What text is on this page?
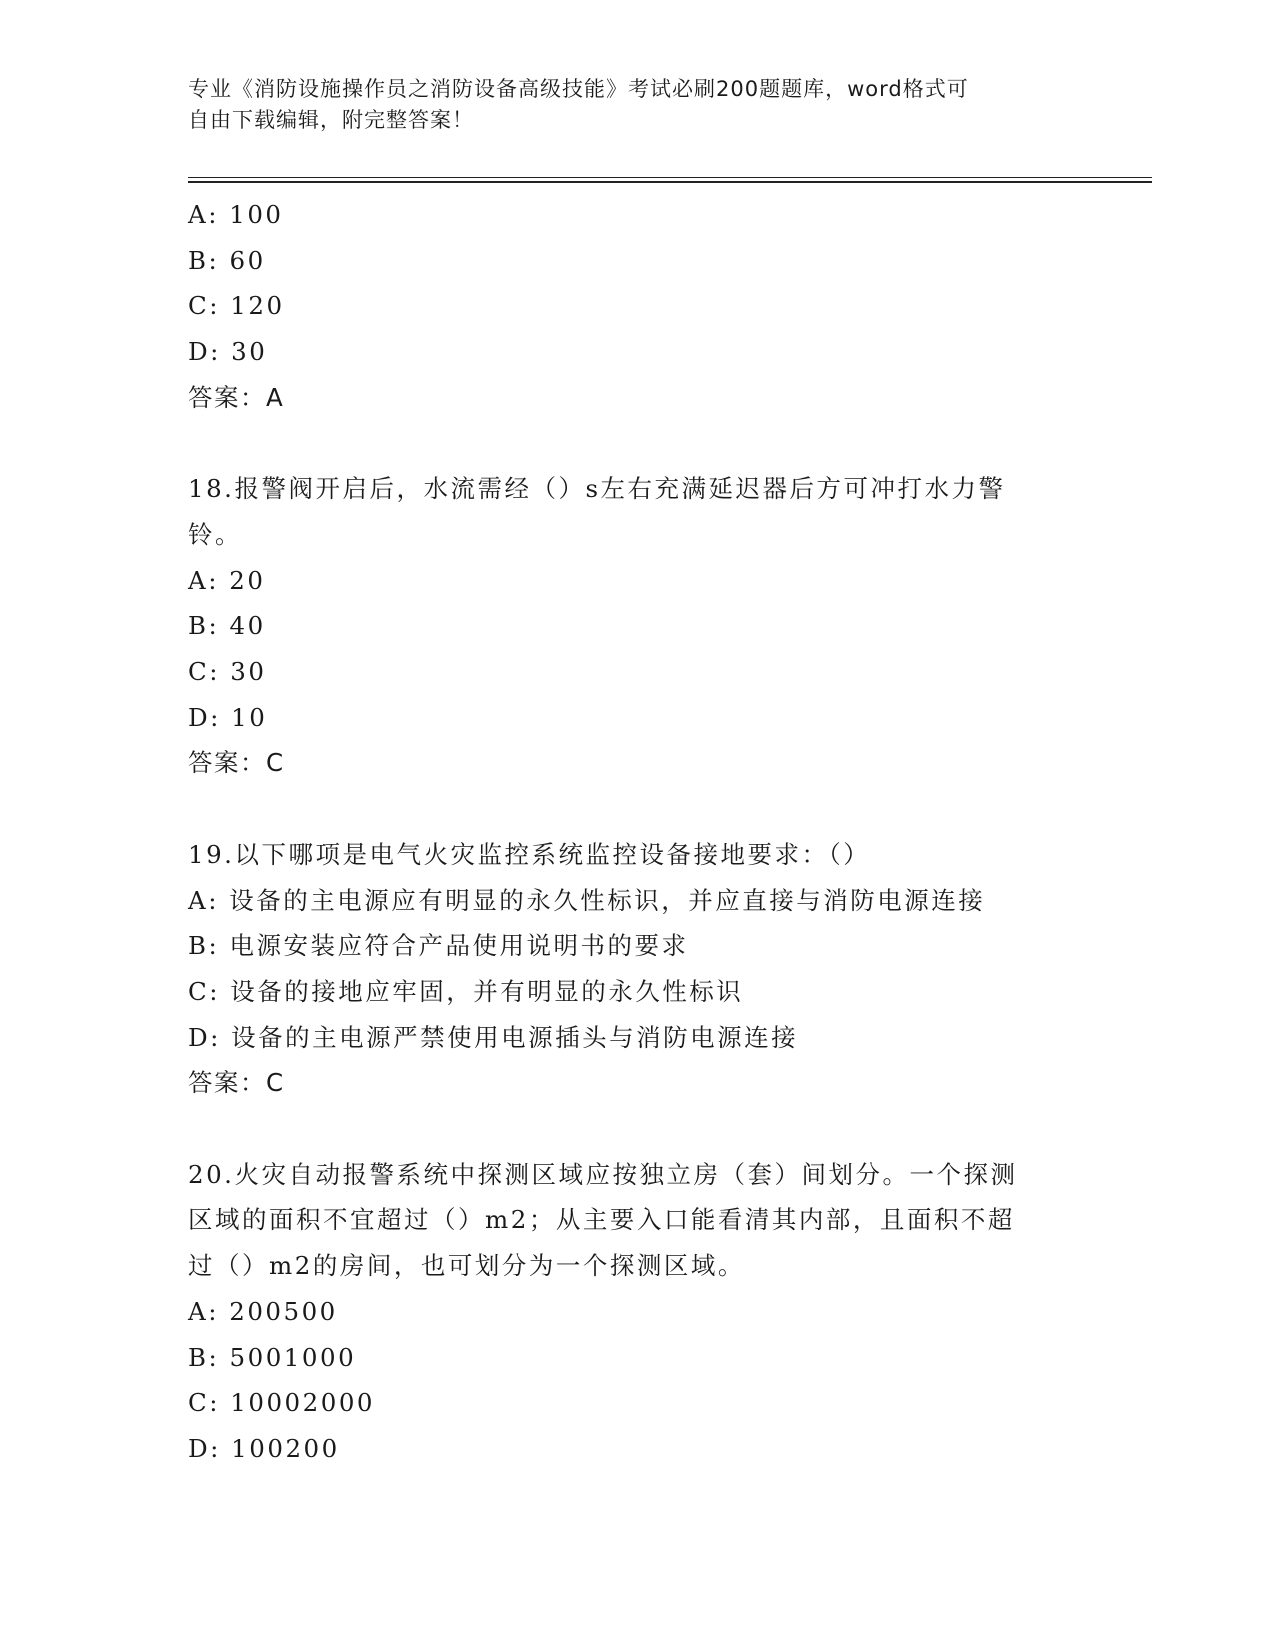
专业《消防设施操作员之消防设备高级技能》考试必刷200题题库，word格式可
自由下载编辑，附完整答案！
A: 100
B: 60
C: 120
D: 30
答案：A
18.报警阀开启后，水流需经（）s左右充满延迟器后方可冲打水力警
铃。
A: 20
B: 40
C: 30
D: 10
答案：C
19.以下哪项是电气火灾监控系统监控设备接地要求：（）
A: 设备的主电源应有明显的永久性标识，并应直接与消防电源连接
B: 电源安装应符合产品使用说明书的要求
C: 设备的接地应牢固，并有明显的永久性标识
D: 设备的主电源严禁使用电源插头与消防电源连接
答案：C
20.火灾自动报警系统中探测区域应按独立房（套）间划分。一个探测
区域的面积不宜超过（）m2；从主要入口能看清其内部，且面积不超
过（）m2的房间，也可划分为一个探测区域。
A: 200500
B: 5001000
C: 10002000
D: 100200
